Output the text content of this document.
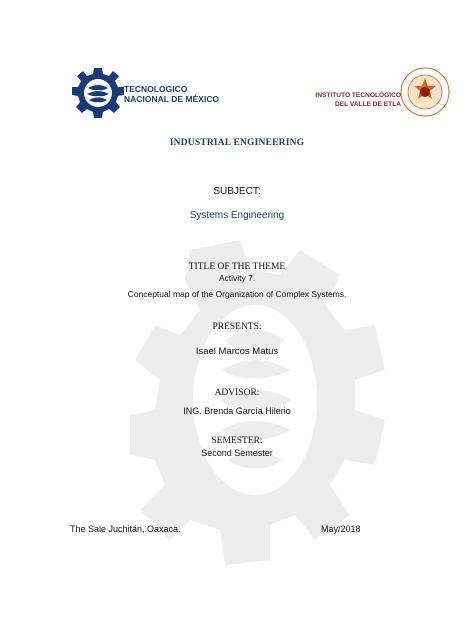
TECNOLOGICO
NACIONAL DE MÉXICO	INSTITUTO TECNOLÓGICO
DEL VALLE DE ETLA
INDUSTRIAL ENGINEERING
SUBJECT:
Systems Engineering
TITLE OF THE THEME
Activity 7.
Conceptual map of the Organization of Complex Systems.
PRESENTS:
Isael Marcos Matus
ADVISOR:
ING. Brenda García Hilerio
SEMESTER:
Second Semester
The Sale Juchitán, Oaxaca.	May/2018
